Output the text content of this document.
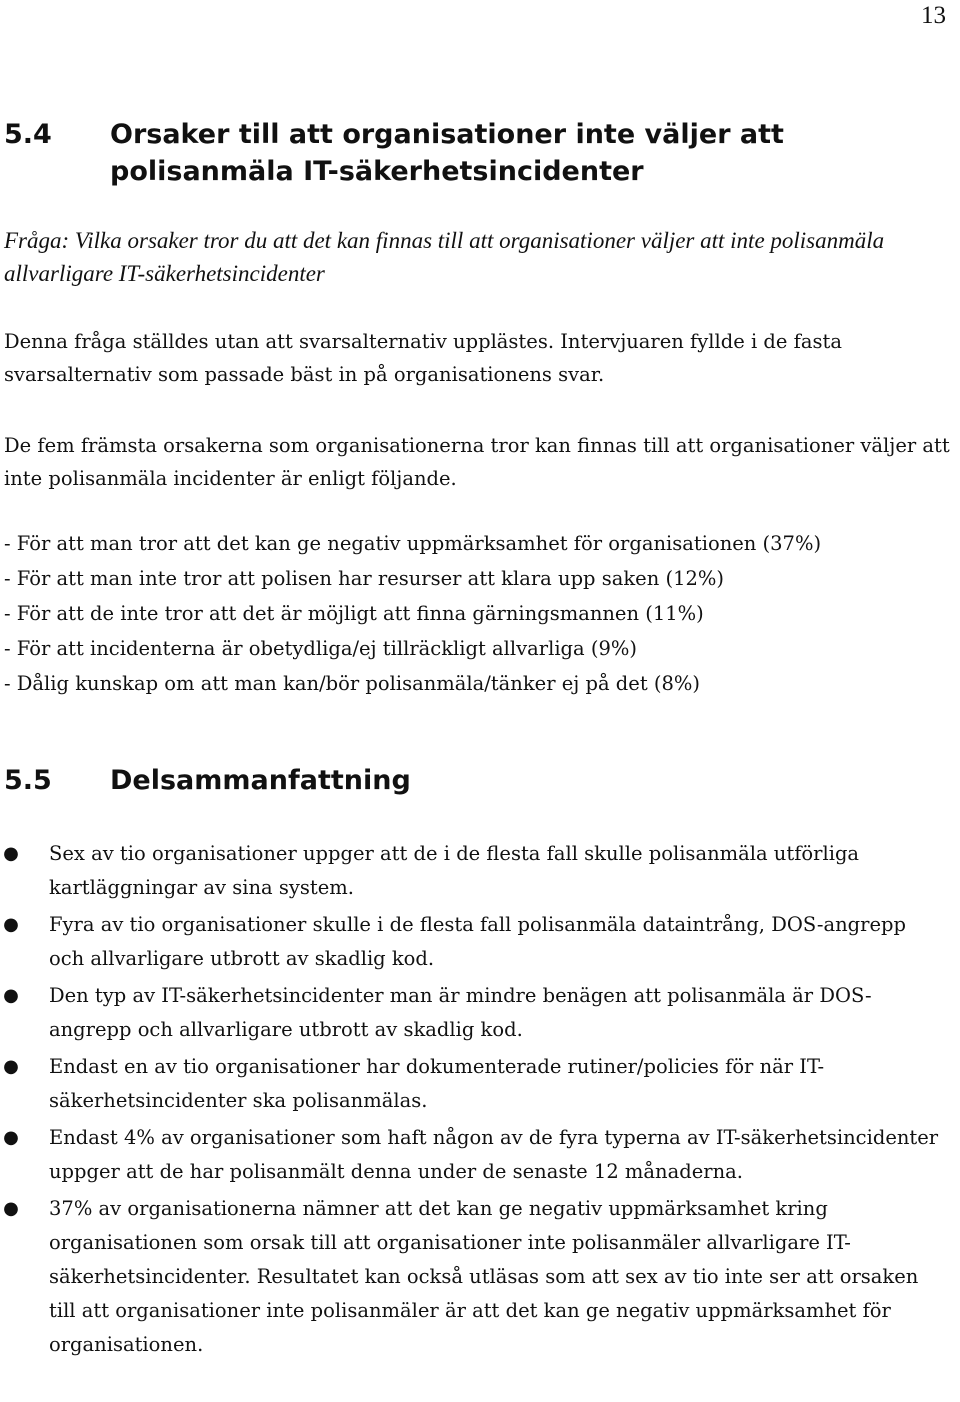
13
5.4	Orsaker till att organisationer inte väljer att polisanmäla IT-säkerhetsincidenter
Fråga: Vilka orsaker tror du att det kan finnas till att organisationer väljer att inte polisanmäla allvarligare IT-säkerhetsincidenter
Denna fråga ställdes utan att svarsalternativ upplästes. Intervjuaren fyllde i de fasta svarsalternativ som passade bäst in på organisationens svar.
De fem främsta orsakerna som organisationerna tror kan finnas till att organisationer väljer att inte polisanmäla incidenter är enligt följande.
- För att man tror att det kan ge negativ uppmärksamhet för organisationen (37%)
- För att man inte tror att polisen har resurser att klara upp saken (12%)
- För att de inte tror att det är möjligt att finna gärningsmannen (11%)
- För att incidenterna är obetydliga/ej tillräckligt allvarliga (9%)
- Dålig kunskap om att man kan/bör polisanmäla/tänker ej på det (8%)
5.5	Delsammanfattning
● Sex av tio organisationer uppger att de i de flesta fall skulle polisanmäla utförliga kartläggningar av sina system.
● Fyra av tio organisationer skulle i de flesta fall polisanmäla dataintrång, DOS-angrepp och allvarligare utbrott av skadlig kod.
● Den typ av IT-säkerhetsincidenter man är mindre benägen att polisanmäla är DOS-angrepp och allvarligare utbrott av skadlig kod.
● Endast en av tio organisationer har dokumenterade rutiner/policies för när IT-säkerhetsincidenter ska polisanmälas.
● Endast 4% av organisationer som haft någon av de fyra typerna av IT-säkerhetsincidenter uppger att de har polisanmält denna under de senaste 12 månaderna.
● 37% av organisationerna nämner att det kan ge negativ uppmärksamhet kring organisationen som orsak till att organisationer inte polisanmäler allvarligare IT-säkerhetsincidenter. Resultatet kan också utläsas som att sex av tio inte ser att orsaken till att organisationer inte polisanmäler är att det kan ge negativ uppmärksamhet för organisationen.
